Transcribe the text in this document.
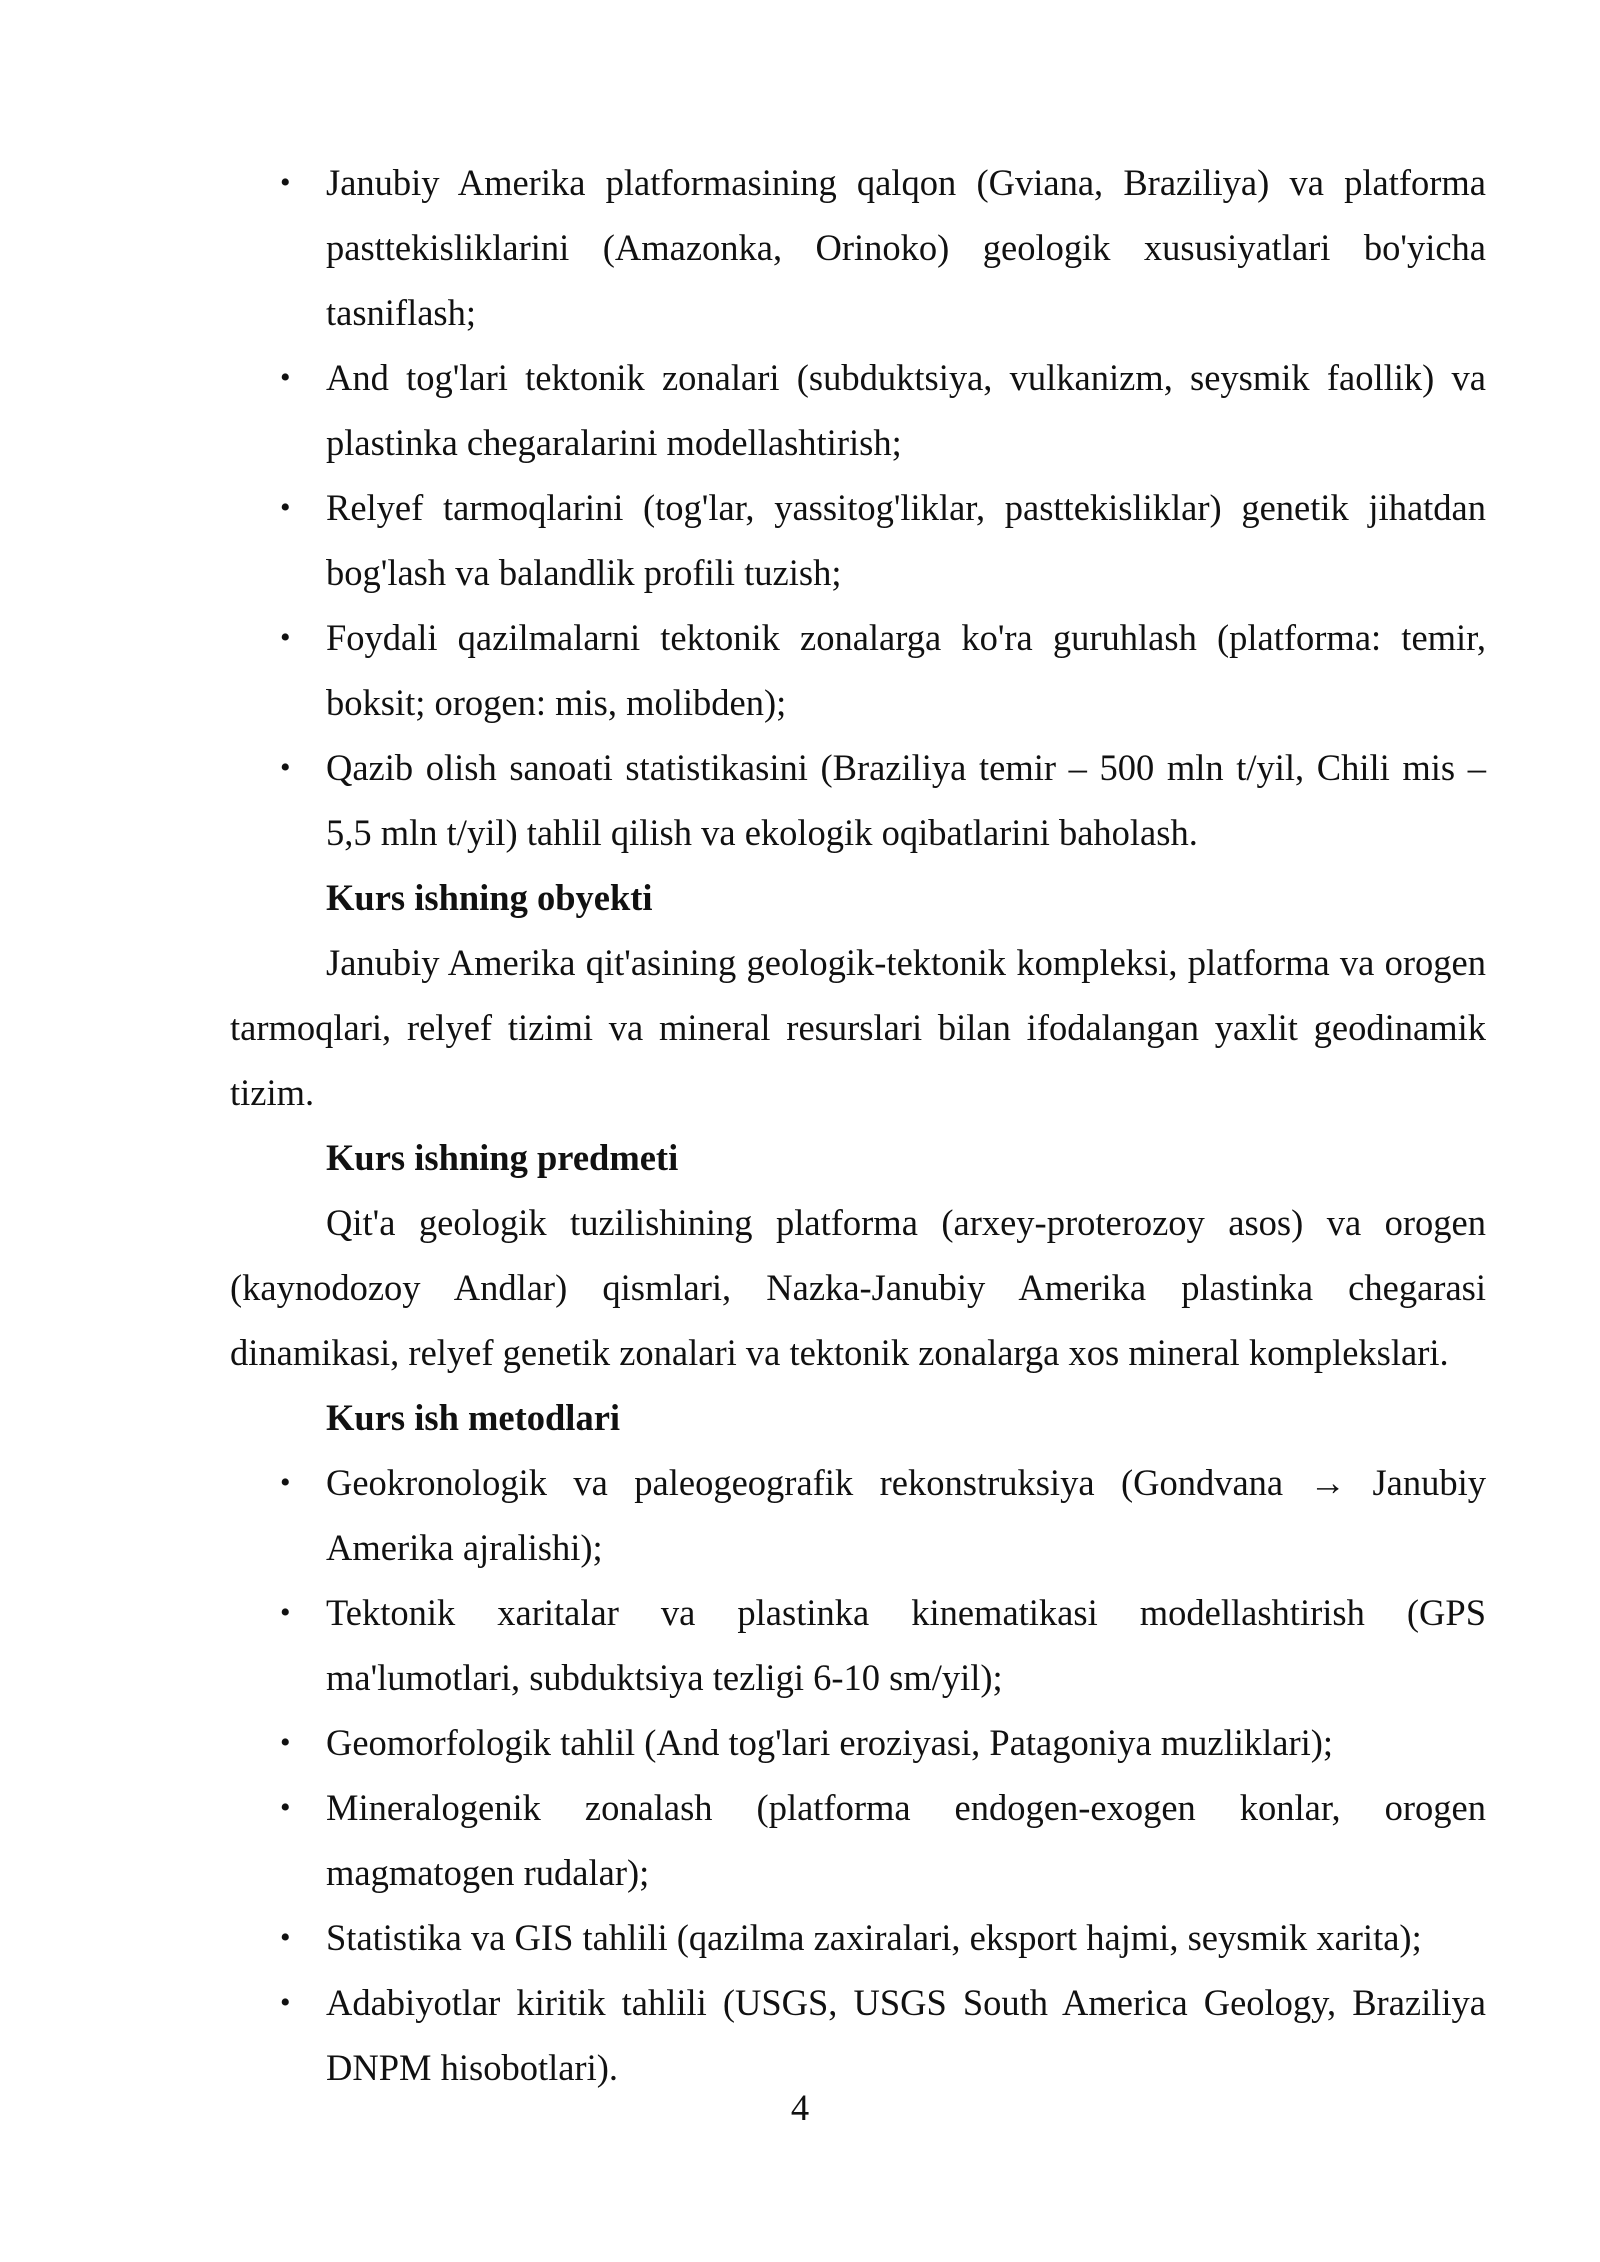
• Janubiy Amerika platformasining qalqon (Gviana, Braziliya) va platforma pasttekisliklarini (Amazonka, Orinoko) geologik xususiyatlari bo'yicha tasniflash;
• And tog'lari tektonik zonalari (subduktsiya, vulkanizm, seysmik faollik) va plastinka chegaralarini modellashtirish;
• Relyef tarmoqlarini (tog'lar, yassitog'liklar, pasttekisliklar) genetik jihatdan bog'lash va balandlik profili tuzish;
• Foydali qazilmalarni tektonik zonalarga ko'ra guruhlash (platforma: temir, boksit; orogen: mis, molibden);
• Qazib olish sanoati statistikasini (Braziliya temir – 500 mln t/yil, Chili mis – 5,5 mln t/yil) tahlil qilish va ekologik oqibatlarini baholash.
Kurs ishning obyekti
Janubiy Amerika qit'asining geologik-tektonik kompleksi, platforma va orogen tarmoqlari, relyef tizimi va mineral resurslari bilan ifodalangan yaxlit geodinamik tizim.
Kurs ishning predmeti
Qit'a geologik tuzilishining platforma (arxey-proterozoy asos) va orogen (kaynodozoy Andlar) qismlari, Nazka-Janubiy Amerika plastinka chegarasi dinamikasi, relyef genetik zonalari va tektonik zonalarga xos mineral komplekslari.
Kurs ish metodlari
• Geokronologik va paleogeografik rekonstruksiya (Gondvana → Janubiy Amerika ajralishi);
• Tektonik xaritalar va plastinka kinematikasi modellashtirish (GPS ma'lumotlari, subduktsiya tezligi 6-10 sm/yil);
• Geomorfologik tahlil (And tog'lari eroziyasi, Patagoniya muzliklari);
• Mineralogenik zonalash (platforma endogen-exogen konlar, orogen magmatogen rudalar);
• Statistika va GIS tahlili (qazilma zaxiralari, eksport hajmi, seysmik xarita);
• Adabiyotlar kiritik tahlili (USGS, USGS South America Geology, Braziliya DNPM hisobotlari).
4
